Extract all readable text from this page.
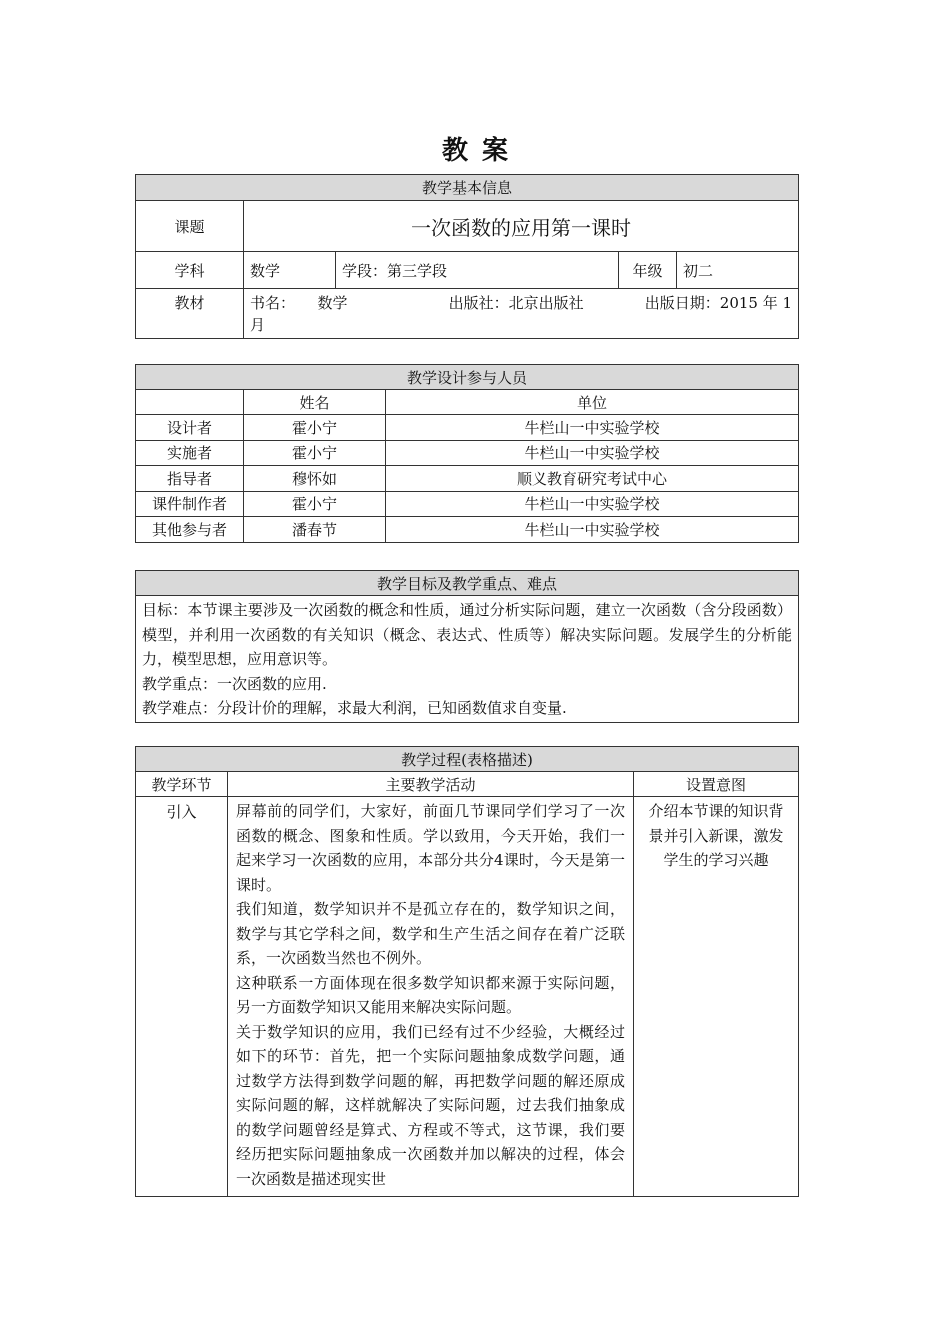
教案
教学基本信息				
课题	一次函数的应用第一课时			
学科	数学	学段：第三学段	年级	初二
教材	书名：　　数学 出版社：北京出版社 出版日期：2015 年 1
月			
教学设计参与人员		
	姓名	单位
设计者	霍小宁	牛栏山一中实验学校
实施者	霍小宁	牛栏山一中实验学校
指导者	穆怀如	顺义教育研究考试中心
课件制作者	霍小宁	牛栏山一中实验学校
其他参与者	潘春节	牛栏山一中实验学校
教学目标及教学重点、难点

目标：本节课主要涉及一次函数的概念和性质，通过分析实际问题，建立一次函数（含分段函数）模型，并利用一次函数的有关知识（概念、表达式、性质等）解决实际问题。发展学生的分析能力，模型思想，应用意识等。

教学重点：一次函数的应用.

教学难点：分段计价的理解，求最大利润，已知函数值求自变量.

教学过程(表格描述)		
教学环节	主要教学活动	设置意图
引入	屏幕前的同学们，大家好，前面几节课同学们学习了一次函数的概念、图象和性质。学以致用，今天开始，我们一起来学习一次函数的应用，本部分共分4课时，今天是第一课时。

我们知道，数学知识并不是孤立存在的，数学知识之间，数学与其它学科之间，数学和生产生活之间存在着广泛联系，一次函数当然也不例外。

这种联系一方面体现在很多数学知识都来源于实际问题，另一方面数学知识又能用来解决实际问题。

关于数学知识的应用，我们已经有过不少经验，大概经过如下的环节：首先，把一个实际问题抽象成数学问题，通过数学方法得到数学问题的解，再把数学问题的解还原成实际问题的解，这样就解决了实际问题，过去我们抽象成的数学问题曾经是算式、方程或不等式，这节课，我们要经历把实际问题抽象成一次函数并加以解决的过程，体会一次函数是描述现实世	介绍本节课的知识背景并引入新课，激发学生的学习兴趣
